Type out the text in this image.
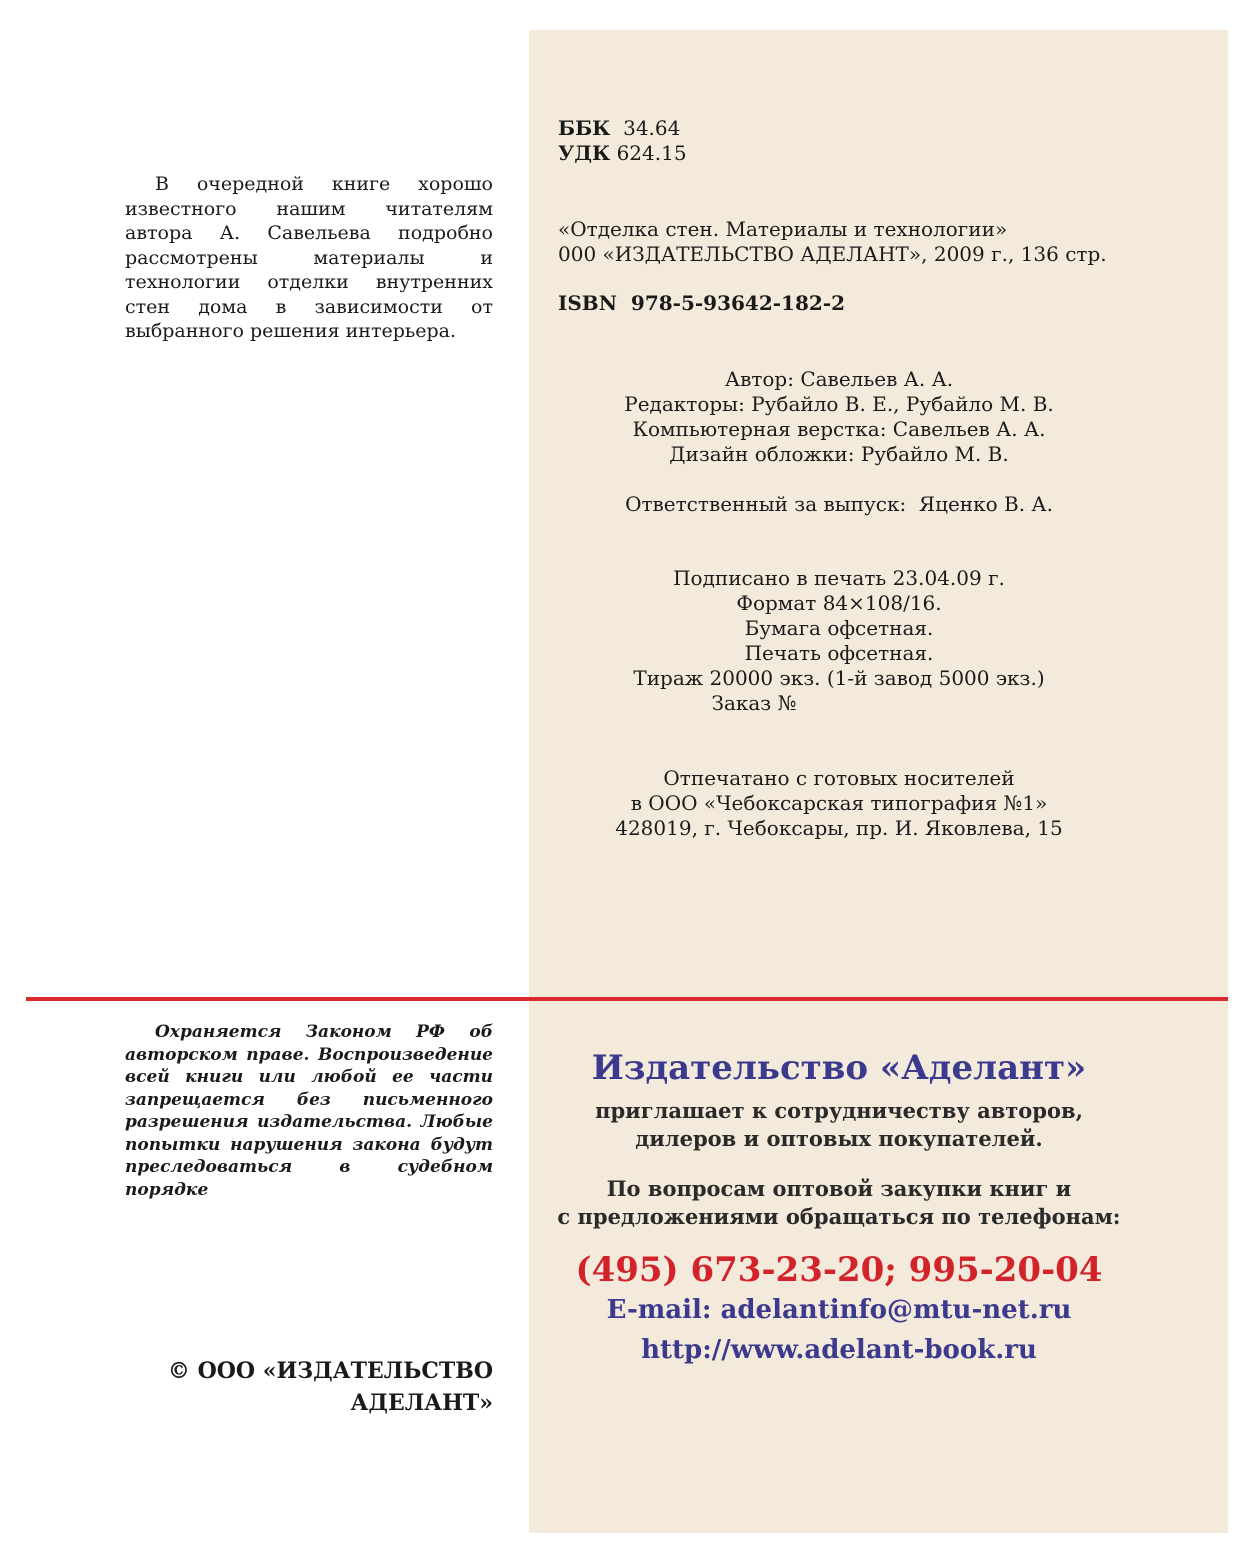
В очередной книге хорошо известного нашим читателям автора А. Савельева подробно рассмотрены материалы и технологии отделки внутренних стен дома в зависимости от выбранного решения интерьера.

ББК 34.64
УДК 624.15
«Отделка стен. Материалы и технологии»
000 «ИЗДАТЕЛЬСТВО АДЕЛАНТ», 2009 г., 136 стр.
ISBN  978-5-93642-182-2
Автор: Савельев А. А.
Редакторы: Рубайло В. Е., Рубайло М. В.
Компьютерная верстка: Савельев А. А.
Дизайн обложки: Рубайло М. В.
Ответственный за выпуск:  Яценко В. А.
Подписано в печать 23.04.09 г.
Формат 84×108/16.
Бумага офсетная.
Печать офсетная.
Тираж 20000 экз. (1-й завод 5000 экз.)
Заказ №
Отпечатано с готовых носителей
в ООО «Чебоксарская типография №1»
428019, г. Чебоксары, пр. И. Яковлева, 15

Охраняется Законом РФ об авторском праве. Воспроизведение всей книги или любой ее части запрещается без письменного разрешения издательства. Любые попытки нарушения закона будут преследоваться в судебном порядке

© ООО «ИЗДАТЕЛЬСТВО АДЕЛАНТ»
Издательство «Аделант»
приглашает к сотрудничеству авторов,
дилеров и оптовых покупателей.
По вопросам оптовой закупки книг и
с предложениями обращаться по телефонам:
(495) 673-23-20; 995-20-04
E-mail: adelantinfo@mtu-net.ru
http://www.adelant-book.ru
